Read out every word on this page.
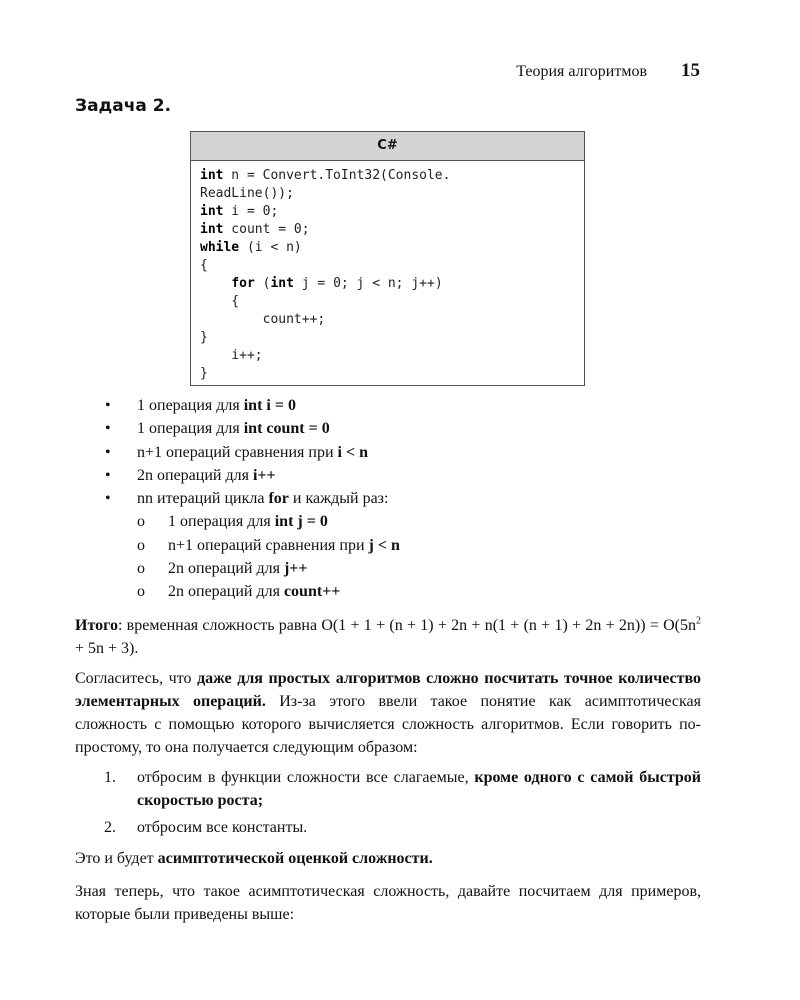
Теория алгоритмов 15
Задача 2.
C#
int n = Convert.ToInt32(Console.
ReadLine());
int i = 0;
int count = 0;
while (i < n)
{
for (int j = 0; j < n; j++)
{
count++;
}
i++;
}
•	1 операция для int i = 0
•	1 операция для int count = 0
•	n+1 операций сравнения при i < n
•	2n операций для i++
•	nn итераций цикла for и каждый раз:
o	1 операция для int j = 0
o	n+1 операций сравнения при j < n
o	2n операций для j++
o	2n операций для count++
Итого: временная сложность равна $O(1 + 1 + (n + 1) + 2n + n(1 + (n + 1) + 2n + 2n)) = O(5n^2 + 5n + 3)$.
Согласитесь, что даже для простых алгоритмов сложно посчитать точное количество элементарных операций. Из-за этого ввели такое понятие как асимптотическая сложность с помощью которого вычисляется сложность алгоритмов. Если говорить по-простому, то она получается следующим образом:
1.	отбросим в функции сложности все слагаемые, кроме одного с самой быстрой скоростью роста;
2.	отбросим все константы.
Это и будет асимптотической оценкой сложности.
Зная теперь, что такое асимптотическая сложность, давайте посчитаем для примеров, которые были приведены выше:
